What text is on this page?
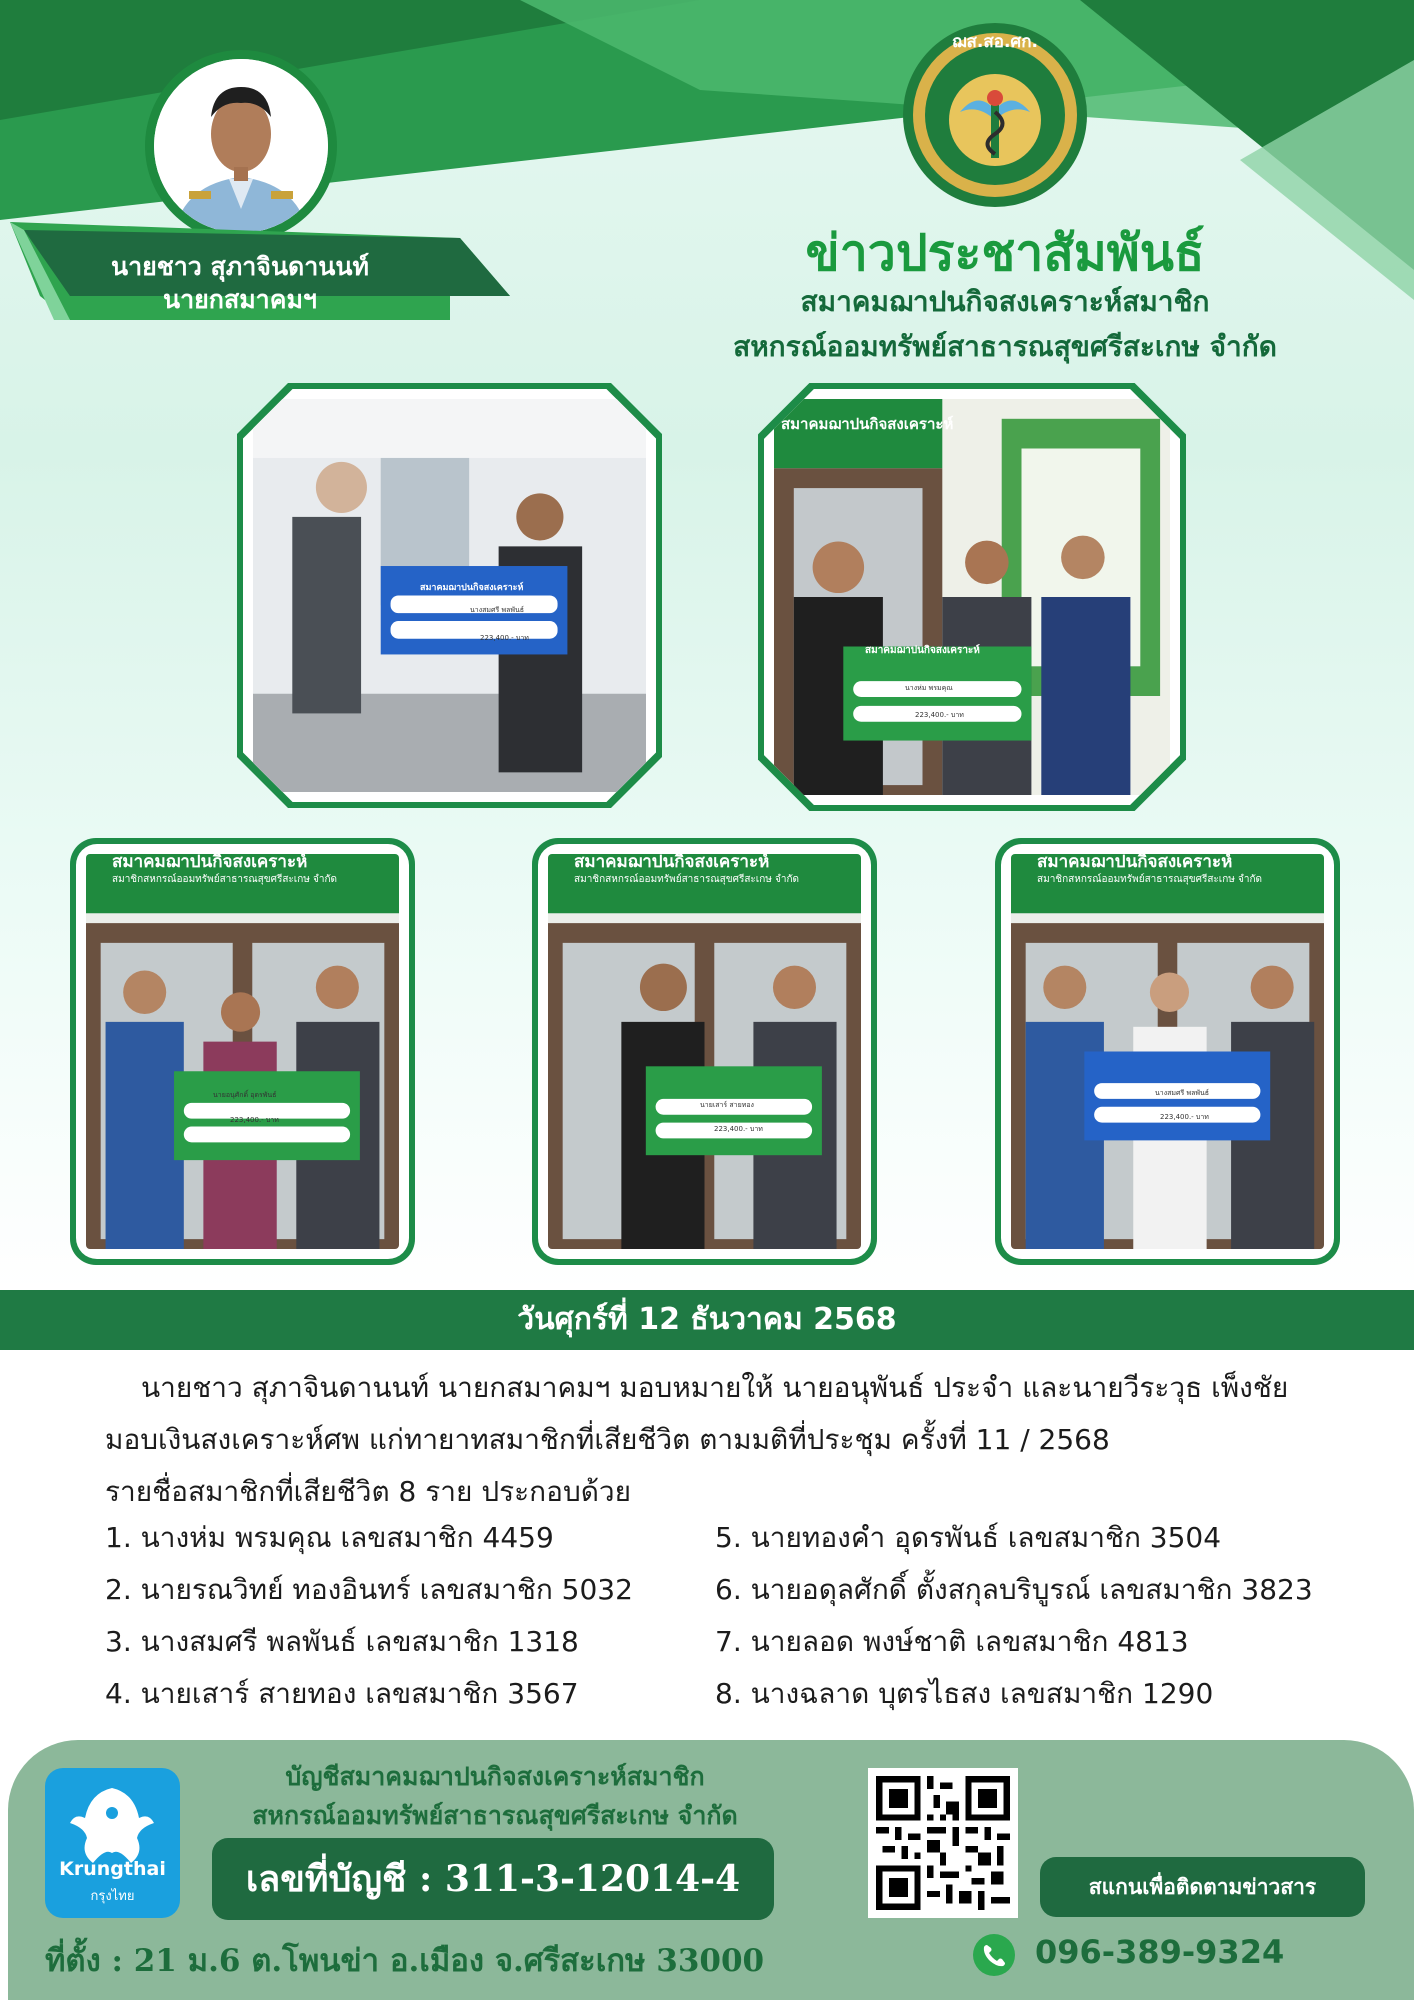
นายชาว สุภาจินดานนท์
นายกสมาคมฯ
ฌส.สอ.ศก.
ข่าวประชาสัมพันธ์
สมาคมฌาปนกิจสงเคราะห์สมาชิก
สหกรณ์ออมทรัพย์สาธารณสุขศรีสะเกษ จำกัด
สมาคมฌาปนกิจสงเคราะห์
นางสมศรี พลพันธ์
223,400.- บาท
สมาคมฌาปนกิจสงเคราะห์
สมาคมฌาปนกิจสงเคราะห์
นางห่ม พรมคุณ
223,400.- บาท
สมาคมฌาปนกิจสงเคราะห์
สมาชิกสหกรณ์ออมทรัพย์สาธารณสุขศรีสะเกษ จำกัด
นายอนุศักดิ์ อุดรพันธ์
223,400.- บาท
สมาคมฌาปนกิจสงเคราะห์
สมาชิกสหกรณ์ออมทรัพย์สาธารณสุขศรีสะเกษ จำกัด
นายเสาร์ สายทอง
223,400.- บาท
สมาคมฌาปนกิจสงเคราะห์
สมาชิกสหกรณ์ออมทรัพย์สาธารณสุขศรีสะเกษ จำกัด
นางสมศรี พลพันธ์
223,400.- บาท
วันศุกร์ที่ 12 ธันวาคม 2568

นายชาว สุภาจินดานนท์ นายกสมาคมฯ มอบหมายให้ นายอนุพันธ์ ประจำ และนายวีระวุธ เพ็งชัย

มอบเงินสงเคราะห์ศพ แก่ทายาทสมาชิกที่เสียชีวิต ตามมติที่ประชุม ครั้งที่ 11 / 2568

รายชื่อสมาชิกที่เสียชีวิต 8 ราย ประกอบด้วย

1. นางห่ม พรมคุณ เลขสมาชิก 4459
2. นายรณวิทย์ ทองอินทร์ เลขสมาชิก 5032
3. นางสมศรี พลพันธ์ เลขสมาชิก 1318
4. นายเสาร์ สายทอง เลขสมาชิก 3567
5. นายทองคำ อุดรพันธ์ เลขสมาชิก 3504
6. นายอดุลศักดิ์ ตั้งสกุลบริบูรณ์ เลขสมาชิก 3823
7. นายลอด พงษ์ชาติ เลขสมาชิก 4813
8. นางฉลาด บุตรไธสง เลขสมาชิก 1290
Krungthai
กรุงไทย
บัญชีสมาคมฌาปนกิจสงเคราะห์สมาชิก
สหกรณ์ออมทรัพย์สาธารณสุขศรีสะเกษ จำกัด
เลขที่บัญชี : 311-3-12014-4
ที่ตั้ง : 21 ม.6 ต.โพนข่า อ.เมือง จ.ศรีสะเกษ 33000
สแกนเพื่อติดตามข่าวสาร
096-389-9324
